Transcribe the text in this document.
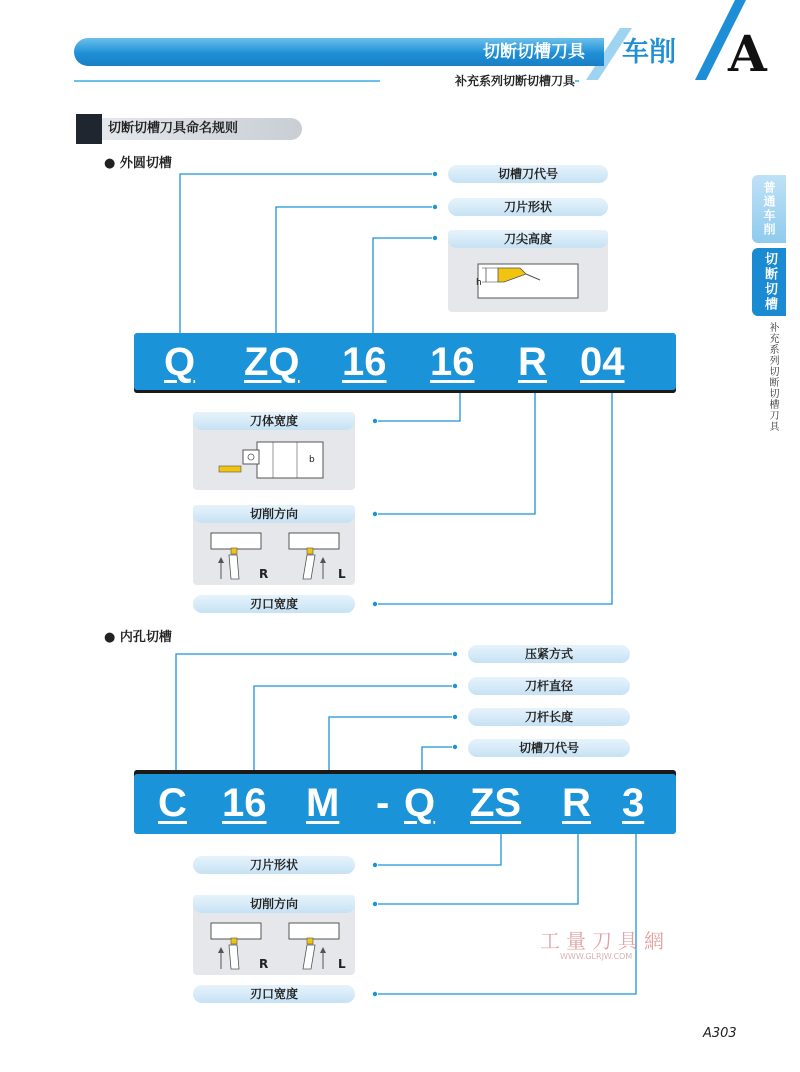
切断切槽刀具
补充系列切断切槽刀具
车削 A
普通车削
切断切槽
补充系列切断切槽刀具
切断切槽刀具命名规则
● 外圆切槽
切槽刀代号
刀片形状
刀尖高度
h
Q ZQ 16 16 R 04
刀体宽度
b
切削方向
R	L
刃口宽度
● 内孔切槽
压紧方式
刀杆直径
刀杆长度
切槽刀代号
C 16 M - Q ZS R 3
刀片形状
切削方向
R	L
刃口宽度
工量刀具網
WWW.GLRJW.COM
A303
